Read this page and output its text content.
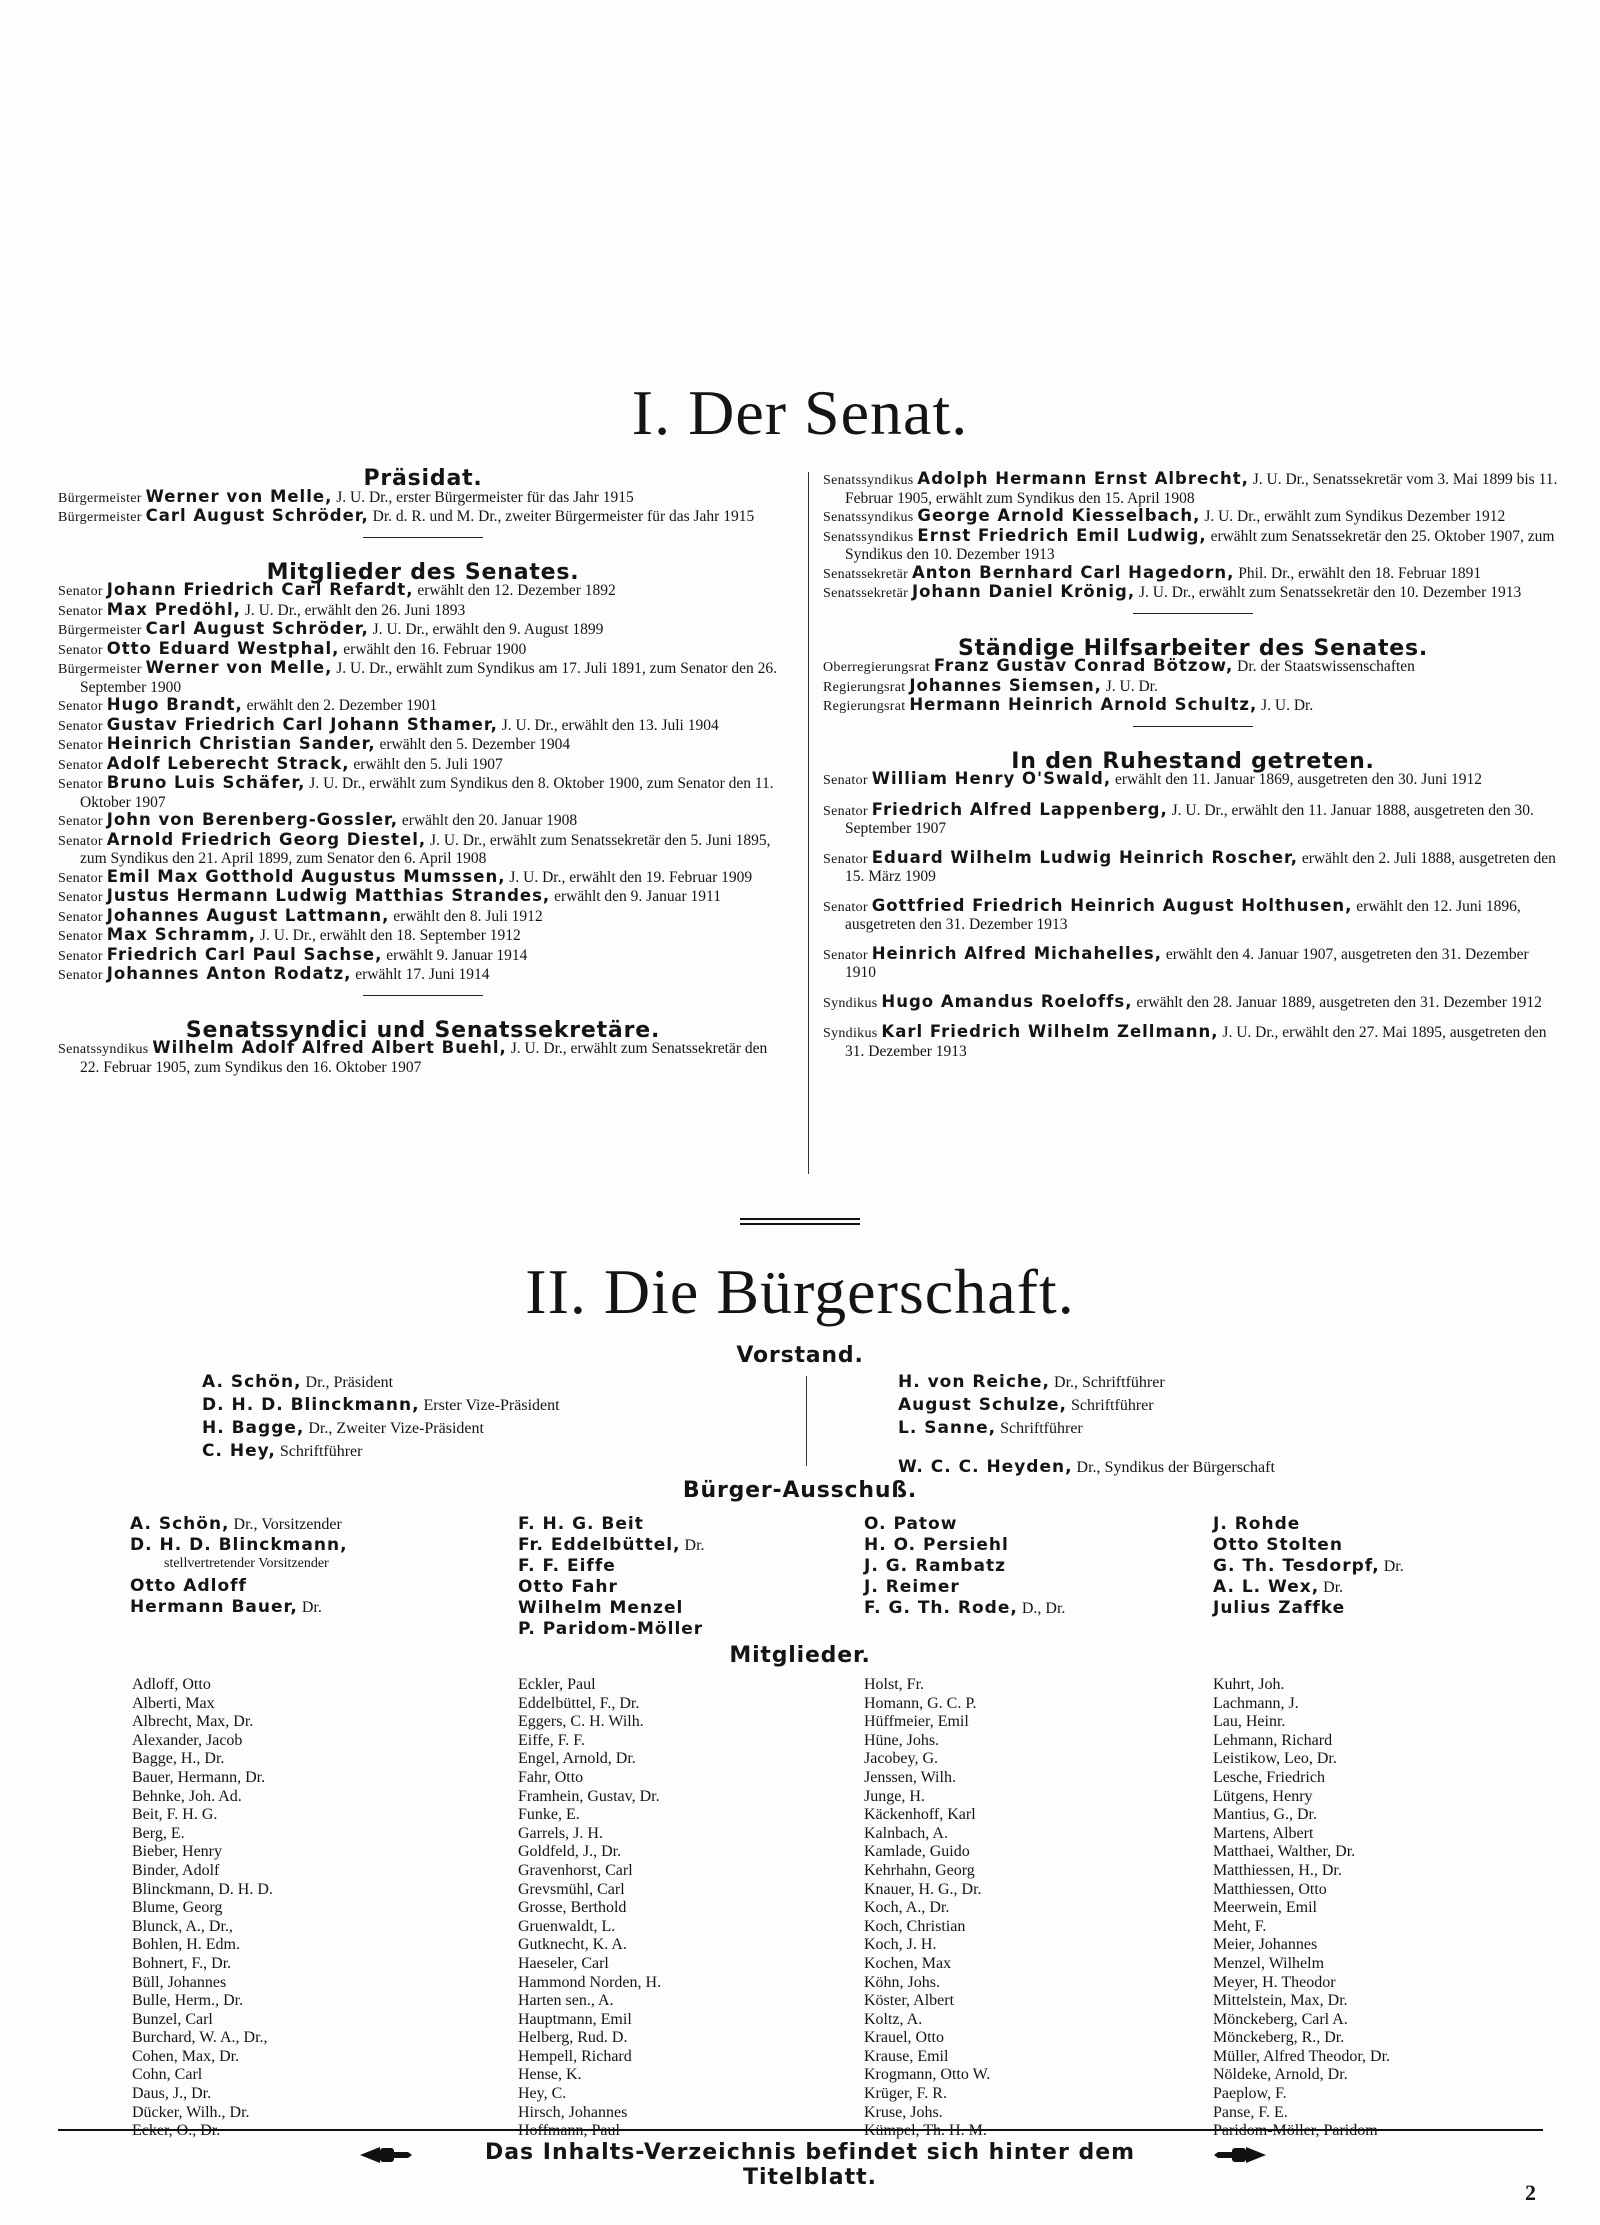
I. Der Senat.
Präsidat.

Bürgermeister Werner von Melle, J. U. Dr., erster Bürgermeister für das Jahr 1915

Bürgermeister Carl August Schröder, Dr. d. R. und M. Dr., zweiter Bürgermeister für das Jahr 1915

Mitglieder des Senates.

Senator Johann Friedrich Carl Refardt, erwählt den 12. Dezember 1892

Senator Max Predöhl, J. U. Dr., erwählt den 26. Juni 1893

Bürgermeister Carl August Schröder, J. U. Dr., erwählt den 9. August 1899

Senator Otto Eduard Westphal, erwählt den 16. Februar 1900

Bürgermeister Werner von Melle, J. U. Dr., erwählt zum Syndikus am 17. Juli 1891, zum Senator den 26. September 1900

Senator Hugo Brandt, erwählt den 2. Dezember 1901

Senator Gustav Friedrich Carl Johann Sthamer, J. U. Dr., erwählt den 13. Juli 1904

Senator Heinrich Christian Sander, erwählt den 5. Dezember 1904

Senator Adolf Leberecht Strack, erwählt den 5. Juli 1907

Senator Bruno Luis Schäfer, J. U. Dr., erwählt zum Syndikus den 8. Oktober 1900, zum Senator den 11. Oktober 1907

Senator John von Berenberg-Gossler, erwählt den 20. Januar 1908

Senator Arnold Friedrich Georg Diestel, J. U. Dr., erwählt zum Senatssekretär den 5. Juni 1895, zum Syndikus den 21. April 1899, zum Senator den 6. April 1908

Senator Emil Max Gotthold Augustus Mumssen, J. U. Dr., erwählt den 19. Februar 1909

Senator Justus Hermann Ludwig Matthias Strandes, erwählt den 9. Januar 1911

Senator Johannes August Lattmann, erwählt den 8. Juli 1912

Senator Max Schramm, J. U. Dr., erwählt den 18. September 1912

Senator Friedrich Carl Paul Sachse, erwählt 9. Januar 1914

Senator Johannes Anton Rodatz, erwählt 17. Juni 1914

Senatssyndici und Senatssekretäre.

Senatssyndikus Wilhelm Adolf Alfred Albert Buehl, J. U. Dr., erwählt zum Senatssekretär den 22. Februar 1905, zum Syndikus den 16. Oktober 1907

Senatssyndikus Adolph Hermann Ernst Albrecht, J. U. Dr., Senatssekretär vom 3. Mai 1899 bis 11. Februar 1905, erwählt zum Syndikus den 15. April 1908

Senatssyndikus George Arnold Kiesselbach, J. U. Dr., erwählt zum Syndikus Dezember 1912

Senatssyndikus Ernst Friedrich Emil Ludwig, erwählt zum Senatssekretär den 25. Oktober 1907, zum Syndikus den 10. Dezember 1913

Senatssekretär Anton Bernhard Carl Hagedorn, Phil. Dr., erwählt den 18. Februar 1891

Senatssekretär Johann Daniel Krönig, J. U. Dr., erwählt zum Senatssekretär den 10. Dezember 1913

Ständige Hilfsarbeiter des Senates.

Oberregierungsrat Franz Gustav Conrad Bötzow, Dr. der Staatswissenschaften

Regierungsrat Johannes Siemsen, J. U. Dr.

Regierungsrat Hermann Heinrich Arnold Schultz, J. U. Dr.

In den Ruhestand getreten.

Senator William Henry O'Swald, erwählt den 11. Januar 1869, ausgetreten den 30. Juni 1912

Senator Friedrich Alfred Lappenberg, J. U. Dr., erwählt den 11. Januar 1888, ausgetreten den 30. September 1907

Senator Eduard Wilhelm Ludwig Heinrich Roscher, erwählt den 2. Juli 1888, ausgetreten den 15. März 1909

Senator Gottfried Friedrich Heinrich August Holthusen, erwählt den 12. Juni 1896, ausgetreten den 31. Dezember 1913

Senator Heinrich Alfred Michahelles, erwählt den 4. Januar 1907, ausgetreten den 31. Dezember 1910

Syndikus Hugo Amandus Roeloffs, erwählt den 28. Januar 1889, ausgetreten den 31. Dezember 1912

Syndikus Karl Friedrich Wilhelm Zellmann, J. U. Dr., erwählt den 27. Mai 1895, ausgetreten den 31. Dezember 1913

II. Die Bürgerschaft.
Vorstand.
A. Schön, Dr., Präsident
D. H. D. Blinckmann, Erster Vize-Präsident
H. Bagge, Dr., Zweiter Vize-Präsident
C. Hey, Schriftführer
H. von Reiche, Dr., Schriftführer
August Schulze, Schriftführer
L. Sanne, Schriftführer
W. C. C. Heyden, Dr., Syndikus der Bürgerschaft
Bürger-Ausschuß.
A. Schön, Dr., Vorsitzender
D. H. D. Blinckmann,
stellvertretender Vorsitzender
Otto Adloff
Hermann Bauer, Dr.
F. H. G. Beit
Fr. Eddelbüttel, Dr.
F. F. Eiffe
Otto Fahr
Wilhelm Menzel
P. Paridom-Möller
O. Patow
H. O. Persiehl
J. G. Rambatz
J. Reimer
F. G. Th. Rode, D., Dr.
J. Rohde
Otto Stolten
G. Th. Tesdorpf, Dr.
A. L. Wex, Dr.
Julius Zaffke
Mitglieder.
Adloff, Otto
Alberti, Max
Albrecht, Max, Dr.
Alexander, Jacob
Bagge, H., Dr.
Bauer, Hermann, Dr.
Behnke, Joh. Ad.
Beit, F. H. G.
Berg, E.
Bieber, Henry
Binder, Adolf
Blinckmann, D. H. D.
Blume, Georg
Blunck, A., Dr.,
Bohlen, H. Edm.
Bohnert, F., Dr.
Büll, Johannes
Bulle, Herm., Dr.
Bunzel, Carl
Burchard, W. A., Dr.,
Cohen, Max, Dr.
Cohn, Carl
Daus, J., Dr.
Dücker, Wilh., Dr.
Ecker, O., Dr.
Eckler, Paul
Eddelbüttel, F., Dr.
Eggers, C. H. Wilh.
Eiffe, F. F.
Engel, Arnold, Dr.
Fahr, Otto
Framhein, Gustav, Dr.
Funke, E.
Garrels, J. H.
Goldfeld, J., Dr.
Gravenhorst, Carl
Grevsmühl, Carl
Grosse, Berthold
Gruenwaldt, L.
Gutknecht, K. A.
Haeseler, Carl
Hammond Norden, H.
Harten sen., A.
Hauptmann, Emil
Helberg, Rud. D.
Hempell, Richard
Hense, K.
Hey, C.
Hirsch, Johannes
Hoffmann, Paul
Holst, Fr.
Homann, G. C. P.
Hüffmeier, Emil
Hüne, Johs.
Jacobey, G.
Jenssen, Wilh.
Junge, H.
Käckenhoff, Karl
Kalnbach, A.
Kamlade, Guido
Kehrhahn, Georg
Knauer, H. G., Dr.
Koch, A., Dr.
Koch, Christian
Koch, J. H.
Kochen, Max
Köhn, Johs.
Köster, Albert
Koltz, A.
Krauel, Otto
Krause, Emil
Krogmann, Otto W.
Krüger, F. R.
Kruse, Johs.
Kümpel, Th. H. M.
Kuhrt, Joh.
Lachmann, J.
Lau, Heinr.
Lehmann, Richard
Leistikow, Leo, Dr.
Lesche, Friedrich
Lütgens, Henry
Mantius, G., Dr.
Martens, Albert
Matthaei, Walther, Dr.
Matthiessen, H., Dr.
Matthiessen, Otto
Meerwein, Emil
Meht, F.
Meier, Johannes
Menzel, Wilhelm
Meyer, H. Theodor
Mittelstein, Max, Dr.
Mönckeberg, Carl A.
Mönckeberg, R., Dr.
Müller, Alfred Theodor, Dr.
Nöldeke, Arnold, Dr.
Paeplow, F.
Panse, F. E.
Paridom-Möller, Paridom
Das Inhalts-Verzeichnis befindet sich hinter dem Titelblatt.
2
